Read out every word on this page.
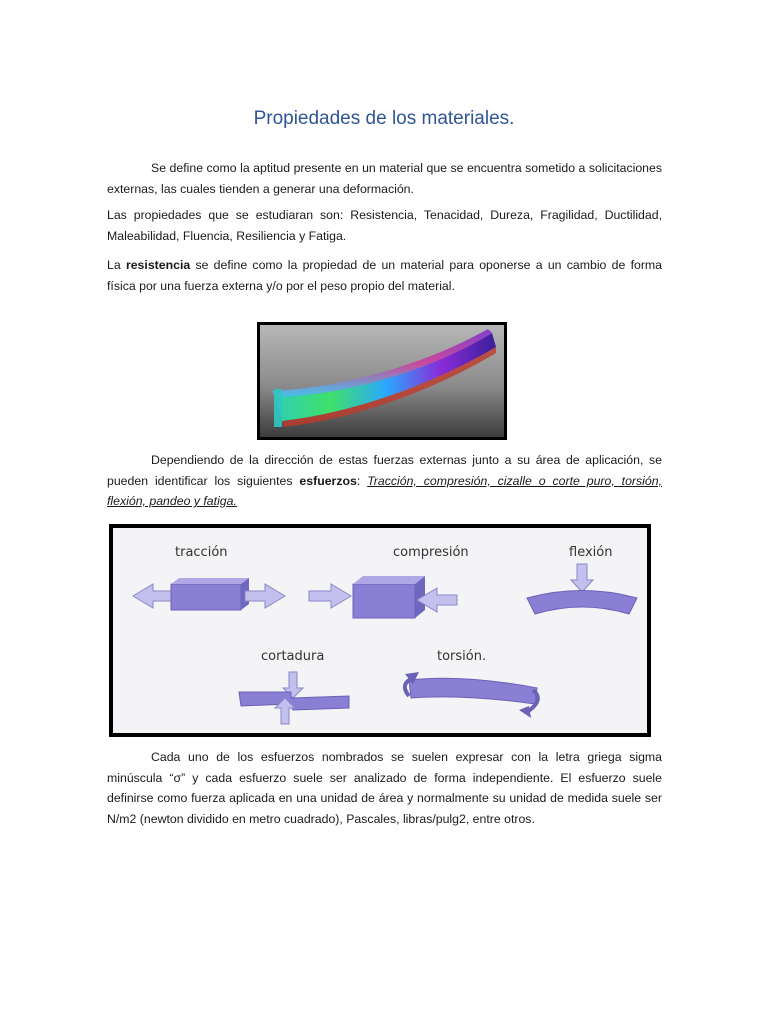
Propiedades de los materiales.

Se define como la aptitud presente en un material que se encuentra sometido a solicitaciones externas, las cuales tienden a generar una deformación.

Las propiedades que se estudiaran son: Resistencia, Tenacidad, Dureza, Fragilidad, Ductilidad, Maleabilidad, Fluencia, Resiliencia y Fatiga.

La resistencia se define como la propiedad de un material para oponerse a un cambio de forma física por una fuerza externa y/o por el peso propio del material.

Dependiendo de la dirección de estas fuerzas externas junto a su área de aplicación, se pueden identificar los siguientes esfuerzos: Tracción, compresión, cizalle o corte puro, torsión, flexión, pandeo y fatiga.

tracción	compresión	flexión
cortadura	torsión.

Cada uno de los esfuerzos nombrados se suelen expresar con la letra griega sigma minúscula “σ” y cada esfuerzo suele ser analizado de forma independiente. El esfuerzo suele definirse como fuerza aplicada en una unidad de área y normalmente su unidad de medida suele ser N/m2 (newton dividido en metro cuadrado), Pascales, libras/pulg2, entre otros.
